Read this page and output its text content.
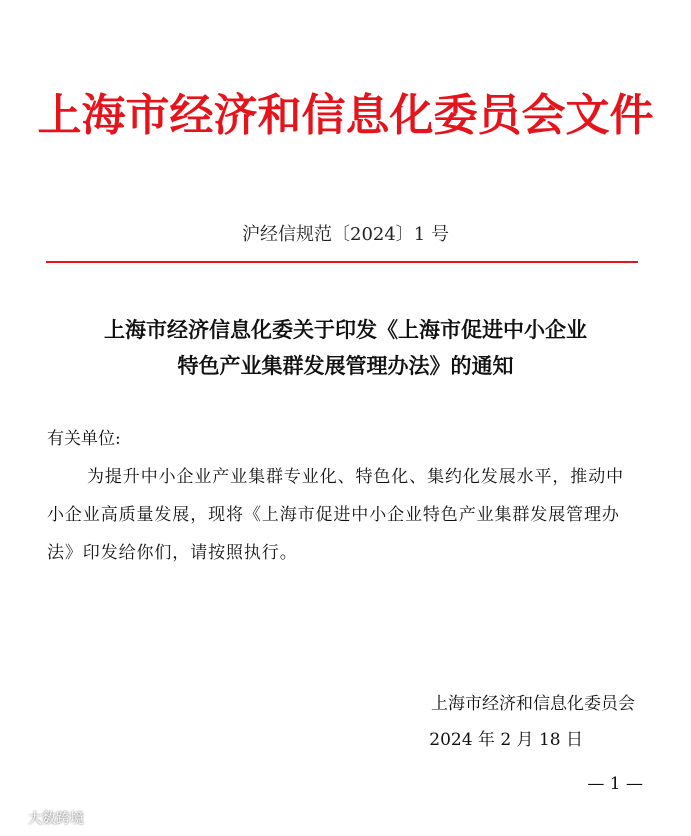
上海市经济和信息化委员会文件
沪经信规范〔2024〕1 号
上海市经济信息化委关于印发《上海市促进中小企业
特色产业集群发展管理办法》的通知
有关单位:
为提升中小企业产业集群专业化、特色化、集约化发展水平，推动中小企业高质量发展，现将《上海市促进中小企业特色产业集群发展管理办法》印发给你们，请按照执行。
上海市经济和信息化委员会
2024 年 2 月 18 日
— 1 —
大数跨境
